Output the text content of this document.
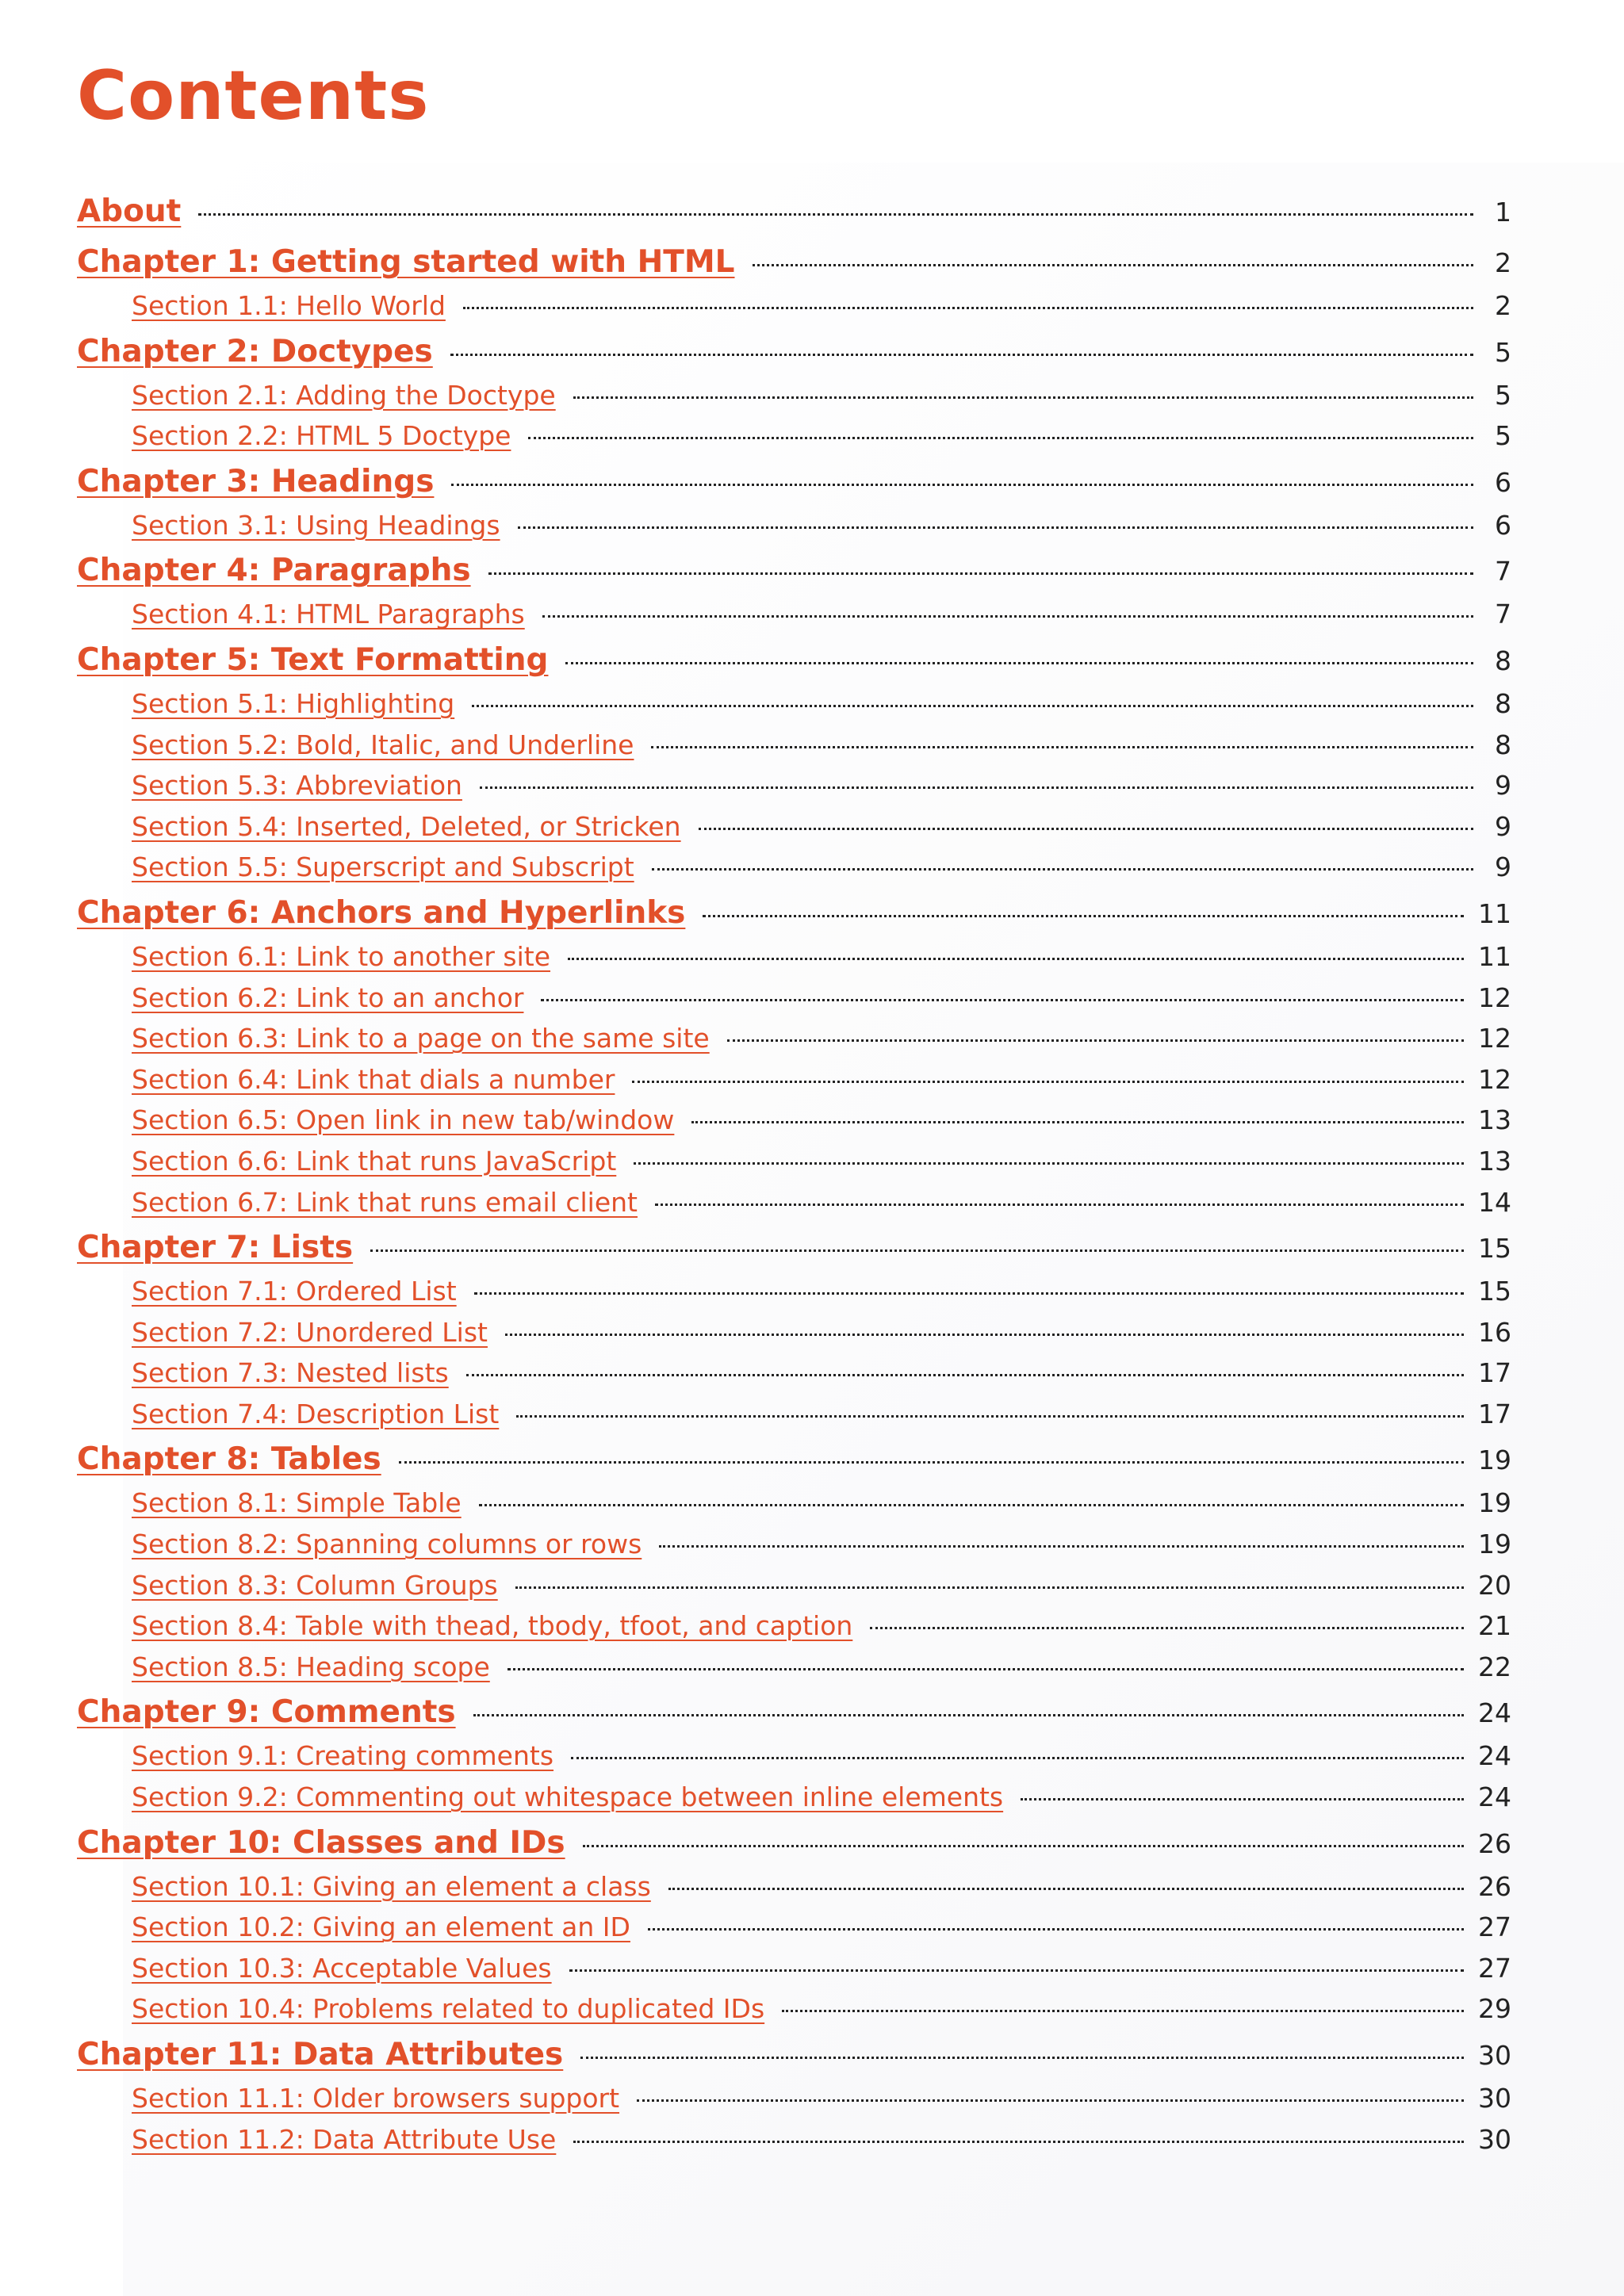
Contents
About	1
Chapter 1: Getting started with HTML	2
Section 1.1: Hello World	2
Chapter 2: Doctypes	5
Section 2.1: Adding the Doctype	5
Section 2.2: HTML 5 Doctype	5
Chapter 3: Headings	6
Section 3.1: Using Headings	6
Chapter 4: Paragraphs	7
Section 4.1: HTML Paragraphs	7
Chapter 5: Text Formatting	8
Section 5.1: Highlighting	8
Section 5.2: Bold, Italic, and Underline	8
Section 5.3: Abbreviation	9
Section 5.4: Inserted, Deleted, or Stricken	9
Section 5.5: Superscript and Subscript	9
Chapter 6: Anchors and Hyperlinks	11
Section 6.1: Link to another site	11
Section 6.2: Link to an anchor	12
Section 6.3: Link to a page on the same site	12
Section 6.4: Link that dials a number	12
Section 6.5: Open link in new tab/window	13
Section 6.6: Link that runs JavaScript	13
Section 6.7: Link that runs email client	14
Chapter 7: Lists	15
Section 7.1: Ordered List	15
Section 7.2: Unordered List	16
Section 7.3: Nested lists	17
Section 7.4: Description List	17
Chapter 8: Tables	19
Section 8.1: Simple Table	19
Section 8.2: Spanning columns or rows	19
Section 8.3: Column Groups	20
Section 8.4: Table with thead, tbody, tfoot, and caption	21
Section 8.5: Heading scope	22
Chapter 9: Comments	24
Section 9.1: Creating comments	24
Section 9.2: Commenting out whitespace between inline elements	24
Chapter 10: Classes and IDs	26
Section 10.1: Giving an element a class	26
Section 10.2: Giving an element an ID	27
Section 10.3: Acceptable Values	27
Section 10.4: Problems related to duplicated IDs	29
Chapter 11: Data Attributes	30
Section 11.1: Older browsers support	30
Section 11.2: Data Attribute Use	30
